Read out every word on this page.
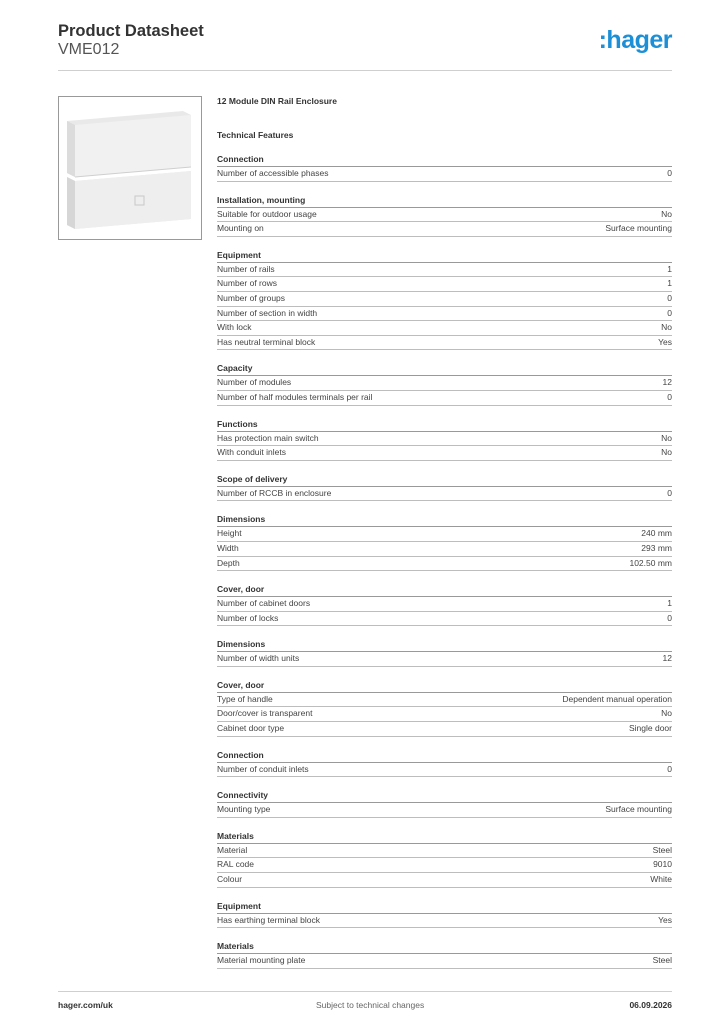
Product Datasheet
VME012	:hager
12 Module DIN Rail Enclosure
Technical Features
Connection
Number of accessible phases	0
Installation, mounting
Suitable for outdoor usage	No
Mounting on	Surface mounting
Equipment
Number of rails	1
Number of rows	1
Number of groups	0
Number of section in width	0
With lock	No
Has neutral terminal block	Yes
Capacity
Number of modules	12
Number of half modules terminals per rail	0
Functions
Has protection main switch	No
With conduit inlets	No
Scope of delivery
Number of RCCB in enclosure	0
Dimensions
Height	240 mm
Width	293 mm
Depth	102.50 mm
Cover, door
Number of cabinet doors	1
Number of locks	0
Dimensions
Number of width units	12
Cover, door
Type of handle	Dependent manual operation
Door/cover is transparent	No
Cabinet door type	Single door
Connection
Number of conduit inlets	0
Connectivity
Mounting type	Surface mounting
Materials
Material	Steel
RAL code	9010
Colour	White
Equipment
Has earthing terminal block	Yes
Materials
Material mounting plate	Steel
hager.com/uk	Subject to technical changes	06.09.2026
